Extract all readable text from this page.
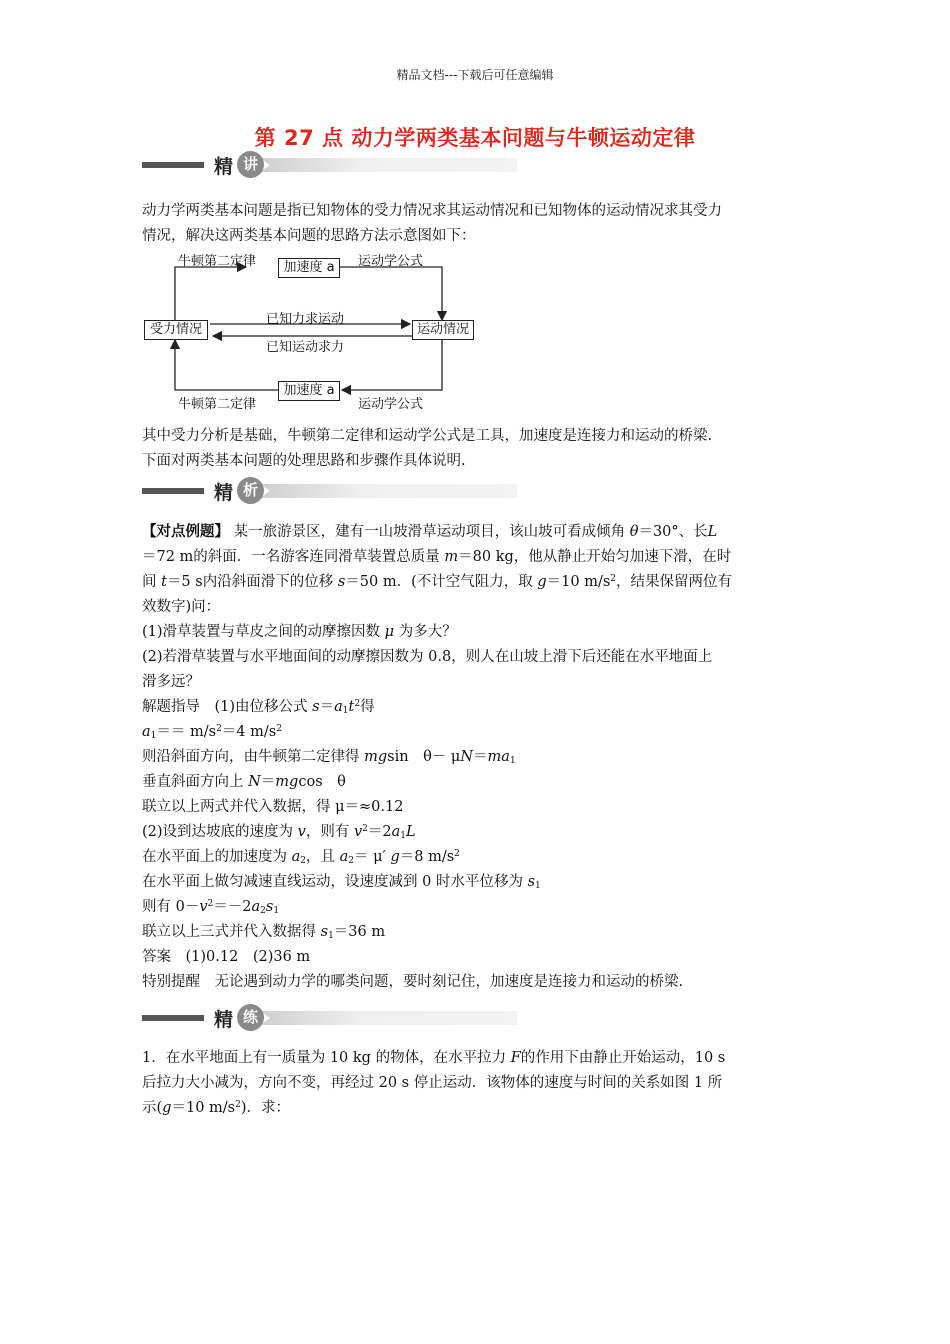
精品文档---下载后可任意编辑
第 27 点 动力学两类基本问题与牛顿运动定律
精 讲
动力学两类基本问题是指已知物体的受力情况求其运动情况和已知物体的运动情况求其受力
情况，解决这两类基本问题的思路方法示意图如下：
受力情况	运动情况
加速度 a
加速度 a
牛顿第二定律	运动学公式
已知力求运动
已知运动求力
牛顿第二定律	运动学公式
其中受力分析是基础，牛顿第二定律和运动学公式是工具，加速度是连接力和运动的桥梁.
下面对两类基本问题的处理思路和步骤作具体说明.
精 析
【对点例题】 某一旅游景区，建有一山坡滑草运动项目，该山坡可看成倾角 θ＝30°、长L
＝72 m的斜面．一名游客连同滑草装置总质量 m＝80 kg，他从静止开始匀加速下滑，在时
间 t＝5 s内沿斜面滑下的位移 s＝50 m．(不计空气阻力，取 g＝10 $m/s^2$，结果保留两位有
效数字)问：
(1)滑草装置与草皮之间的动摩擦因数 μ 为多大？
(2)若滑草装置与水平地面间的动摩擦因数为 0.8，则人在山坡上滑下后还能在水平地面上
滑多远？
解题指导　(1)由位移公式 $s=a_1t^2$得
$a_1== m/s^2=4$ $m/s^2$
则沿斜面方向，由牛顿第二定律得 mgsin　$\theta- \mu N=ma_1$
垂直斜面方向上 N＝mgcos　θ
联立以上两式并代入数据，得 μ＝≈0.12
(2)设到达坡底的速度为 v，则有 $v^2=2a_1L$
在水平面上的加速度为 $a_2$，且 $a_2= \mu'$ g＝8 $m/s^2$
在水平面上做匀减速直线运动，设速度减到 0 时水平位移为 $s_1$
则有 $0-v^2=-2a_2s_1$
联立以上三式并代入数据得 $s_1=36$ m
答案　(1)0.12　(2)36 m
特别提醒　无论遇到动力学的哪类问题，要时刻记住，加速度是连接力和运动的桥梁.
精 练
1．在水平地面上有一质量为 10 kg 的物体，在水平拉力 F的作用下由静止开始运动，10 s
后拉力大小减为，方向不变，再经过 20 s 停止运动．该物体的速度与时间的关系如图 1 所
示(g＝10 $m/s^2$)．求：
